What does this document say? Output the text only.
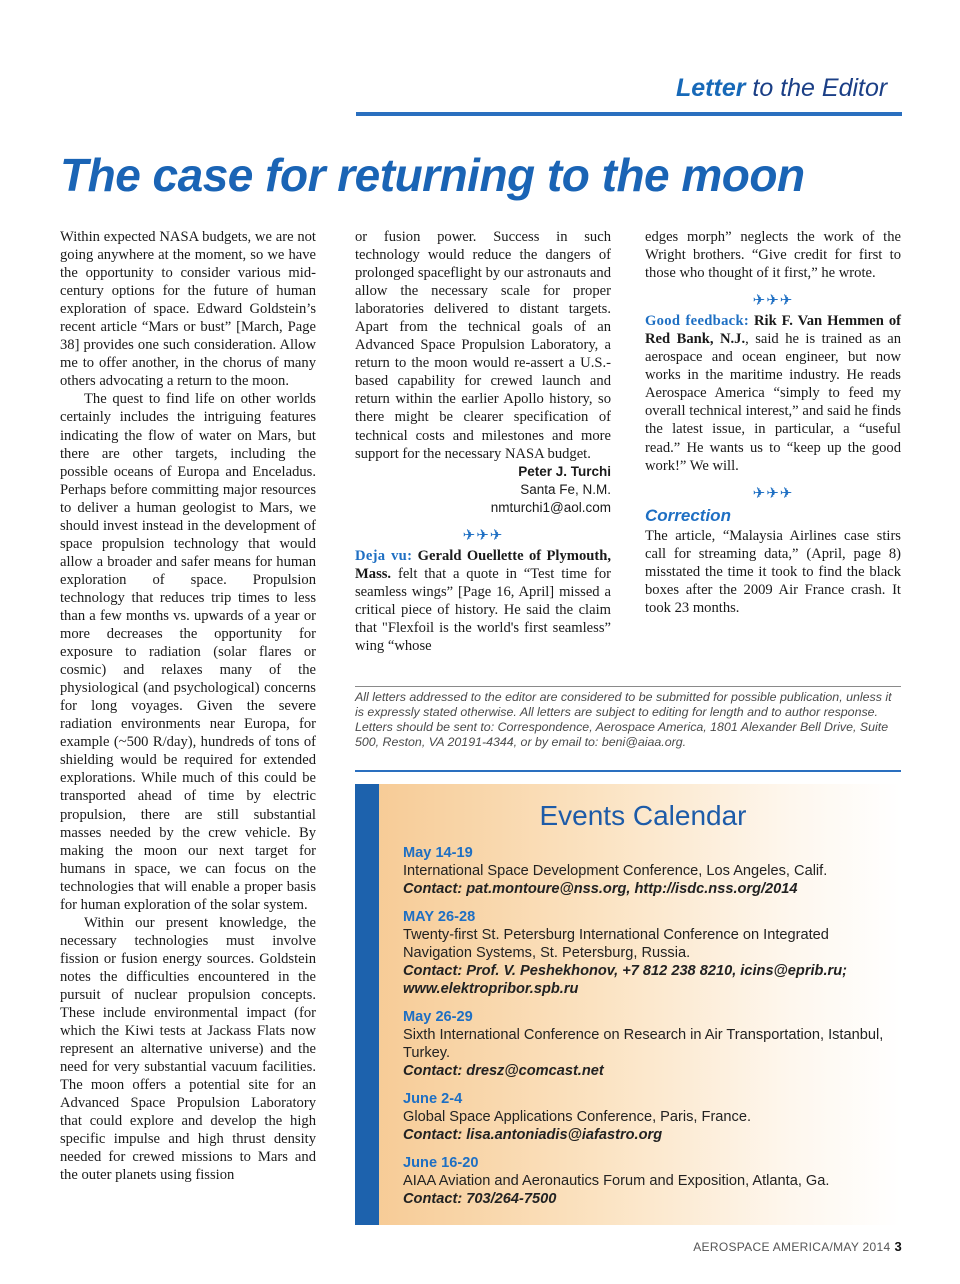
Letter to the Editor
The case for returning to the moon

Within expected NASA budgets, we are not going anywhere at the moment, so we have the opportunity to consider various mid-century options for the future of human exploration of space. Edward Goldstein’s recent article “Mars or bust” [March, Page 38] provides one such consideration. Allow me to offer another, in the chorus of many others advocating a return to the moon.

The quest to find life on other worlds certainly includes the intriguing features indicating the flow of water on Mars, but there are other targets, including the possible oceans of Europa and Enceladus. Perhaps before committing major resources to deliver a human geologist to Mars, we should invest instead in the development of space propulsion technology that would allow a broader and safer means for human exploration of space. Propulsion technology that reduces trip times to less than a few months vs. upwards of a year or more decreases the opportunity for exposure to radiation (solar flares or cosmic) and relaxes many of the physiological (and psychological) concerns for long voyages. Given the severe radiation environments near Europa, for example (~500 R/day), hundreds of tons of shielding would be required for extended explorations. While much of this could be transported ahead of time by electric propulsion, there are still substantial masses needed by the crew vehicle. By making the moon our next target for humans in space, we can focus on the technologies that will enable a proper basis for human exploration of the solar system.

Within our present knowledge, the necessary technologies must involve fission or fusion energy sources. Goldstein notes the difficulties encountered in the pursuit of nuclear propulsion concepts. These include environmental impact (for which the Kiwi tests at Jackass Flats now represent an alternative universe) and the need for very substantial vacuum facilities. The moon offers a potential site for an Advanced Space Propulsion Laboratory that could explore and develop the high specific impulse and high thrust density needed for crewed missions to Mars and the outer planets using fission

or fusion power. Success in such technology would reduce the dangers of prolonged spaceflight by our astronauts and allow the necessary scale for proper laboratories delivered to distant targets. Apart from the technical goals of an Advanced Space Propulsion Laboratory, a return to the moon would re-assert a U.S.-based capability for crewed launch and return within the earlier Apollo history, so there might be clearer specification of technical costs and milestones and more support for the necessary NASA budget.

Peter J. Turchi
Santa Fe, N.M.
nmturchi1@aol.com
✈✈✈

Deja vu: Gerald Ouellette of Plymouth, Mass. felt that a quote in “Test time for seamless wings” [Page 16, April] missed a critical piece of history. He said the claim that "Flexfoil is the world's first seamless” wing “whose

edges morph” neglects the work of the Wright brothers. “Give credit for first to those who thought of it first,” he wrote.

✈✈✈

Good feedback: Rik F. Van Hemmen of Red Bank, N.J., said he is trained as an aerospace and ocean engineer, but now works in the maritime industry. He reads Aerospace America “simply to feed my overall technical interest,” and said he finds the latest issue, in particular, a “useful read.” He wants us to “keep up the good work!” We will.

✈✈✈
Correction

The article, “Malaysia Airlines case stirs call for streaming data,” (April, page 8) misstated the time it took to find the black boxes after the 2009 Air France crash. It took 23 months.

All letters addressed to the editor are considered to be submitted for possible publication, unless it is expressly stated otherwise. All letters are subject to editing for length and to author response. Letters should be sent to: Correspondence, Aerospace America, 1801 Alexander Bell Drive, Suite 500, Reston, VA 20191-4344, or by email to: beni@aiaa.org.
Events Calendar
May 14-19
International Space Development Conference, Los Angeles, Calif.
Contact: pat.montoure@nss.org, http://isdc.nss.org/2014
MAY 26-28
Twenty-first St. Petersburg International Conference on Integrated Navigation Systems, St. Petersburg, Russia.
Contact: Prof. V. Peshekhonov, +7 812 238 8210, icins@eprib.ru; www.elektropribor.spb.ru
May 26-29
Sixth International Conference on Research in Air Transportation, Istanbul, Turkey.
Contact: dresz@comcast.net
June 2-4
Global Space Applications Conference, Paris, France.
Contact: lisa.antoniadis@iafastro.org
June 16-20
AIAA Aviation and Aeronautics Forum and Exposition, Atlanta, Ga.
Contact: 703/264-7500
AEROSPACE AMERICA/MAY 2014 3
